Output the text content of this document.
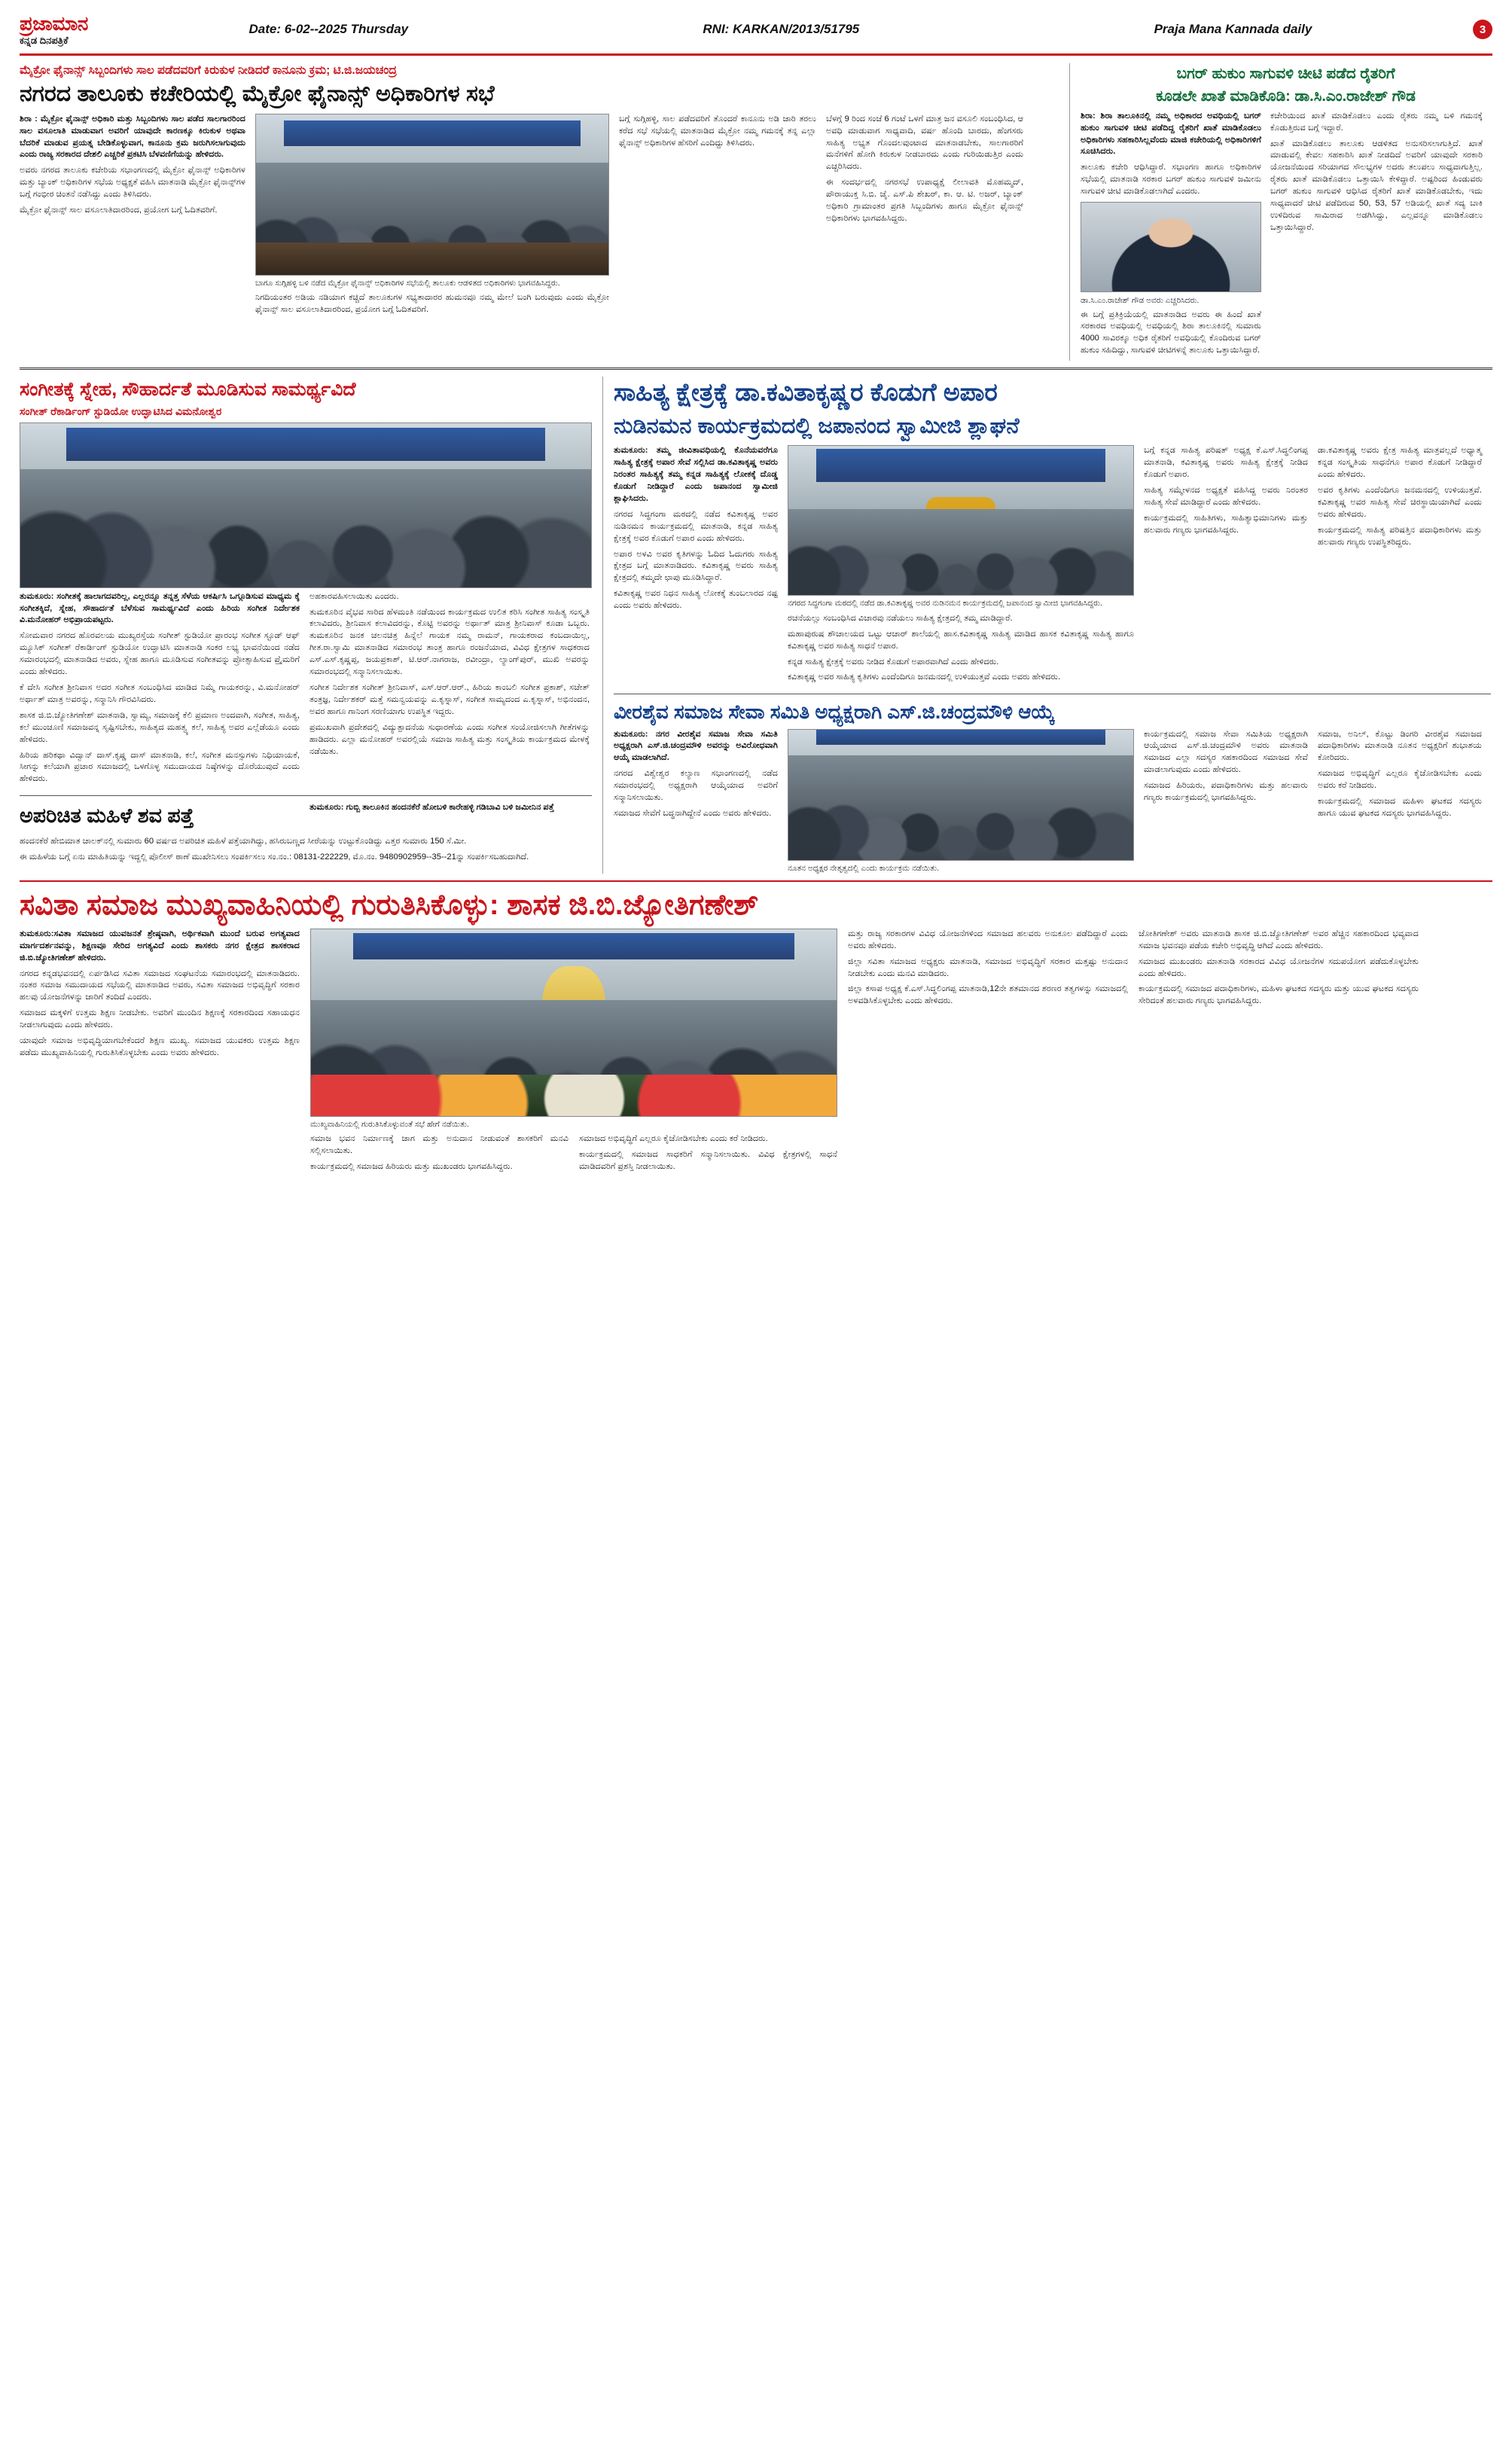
ಪ್ರಜಾಮಾನ
ಕನ್ನಡ ದಿನಪತ್ರಿಕೆ
Date: 6-02--2025 Thursday	RNI: KARKAN/2013/51795	Praja Mana Kannada daily	3
ಮೈಕ್ರೋ ಫೈನಾನ್ಸ್ ಸಿಬ್ಬಂದಿಗಳು ಸಾಲ ಪಡೆದವರಿಗೆ ಕಿರುಕುಳ ನೀಡಿದರೆ ಕಾನೂನು ಕ್ರಮ; ಟಿ.ಜಿ.ಜಯಚಂದ್ರ
ನಗರದ ತಾಲೂಕು ಕಚೇರಿಯಲ್ಲಿ ಮೈಕ್ರೋ ಫೈನಾನ್ಸ್ ಅಧಿಕಾರಿಗಳ ಸಭೆ

ಶಿರಾ : ಮೈಕ್ರೋ ಫೈನಾನ್ಸ್ ಅಧಿಕಾರಿ ಮತ್ತು ಸಿಬ್ಬಂದಿಗಳು ಸಾಲ ಪಡೆದ ಸಾಲಗಾರರಿಂದ ಸಾಲ ವಸೂಲಾತಿ ಮಾಡುವಾಗ ಅವರಿಗೆ ಯಾವುದೇ ಕಾರಣಕ್ಕೂ ಕಿರುಕುಳ ಅಥವಾ ಬೆದರಿಕೆ ಮಾಡುವ ಪ್ರಯತ್ನ ಬೇಡಿಕೊಳ್ಳುವಾಗ, ಕಾನೂನು ಕ್ರಮ ಜರುಗಿಸಲಾಗುವುದು ಎಂದು ರಾಜ್ಯ ಸರಕಾರದ ದೇಶಲಿ ಎಚ್ಚರಿಕೆ ಪ್ರಕಟಿಸಿ ಬೆಳವಣಿಗೆಯನ್ನು ಹೇಳಿದರು.

ಅವರು ನಗರದ ತಾಲೂಕು ಕಚೇರಿಯ ಸಭಾಂಗಣದಲ್ಲಿ ಮೈಕ್ರೋ ಫೈನಾನ್ಸ್ ಅಧಿಕಾರಿಗಳ ಮತ್ತು ಬ್ಯಾಂಕ್ ಅಧಿಕಾರಿಗಳ ಸಭೆಯ ಅಧ್ಯಕ್ಷತೆ ವಹಿಸಿ ಮಾತನಾಡಿ ಮೈಕ್ರೋ ಫೈನಾನ್ಸ್‌ಗಳ ಬಗ್ಗೆ ಗಂಭೀರ ಚಿಂತನೆ ನಡೆಸಿದ್ದು ಎಂದು ತಿಳಿಸಿದರು.

ಮೈಕ್ರೋ ಫೈನಾನ್ಸ್ ಸಾಲ ವಸೂಲಾತಿದಾರರಿಂದ, ಪ್ರಯೋಗ ಬಗ್ಗೆ ಓದಿತವರಿಗೆ.

ಬಾಗೂ ಸುಗ್ಗಿಹಳ್ಳಿ ಬಳಿ ನಡೆದ ಮೈಕ್ರೋ ಫೈನಾನ್ಸ್ ಅಧಿಕಾರಿಗಳ ಸಭೆಯಲ್ಲಿ ತಾಲೂಕು ಆಡಳಿತದ ಅಧಿಕಾರಿಗಳು ಭಾಗವಹಿಸಿದ್ದರು.

ನಿಗದಿಯಂತರ ಅಡಿಯ ನಡಿಯಾಗ ಕಚ್ಚಿದೆ ತಾಲೂಕುಗಳ ಸಭ್ಯತಾದಾರರ ಹುಮನವೂ ನಮ್ಮ ಮೇಲೆ ಬಂಗಿ ಬರುವುದು ಎಂದು ಮೈಕ್ರೋ ಫೈನಾನ್ಸ್ ಸಾಲ ವಸೂಲಾತಿದಾರರಿಂದ, ಪ್ರಯೋಗ ಬಗ್ಗೆ ಓದಿತವರಿಗೆ.

ಬಗ್ಗೆ ಸುಗ್ಗಿಹಳ್ಳಿ, ಸಾಲ ಪಡೆದವರಿಗೆ ತೊಂದರೆ ಕಾನೂನು ಅಡಿ ಜಾರಿ ತರಲು ಕರೆದ ಸಭೆ ಸಭೆಯಲ್ಲಿ ಮಾತನಾಡಿದ ಮೈಕ್ರೋ ನಮ್ಮ ಗಮನಕ್ಕೆ ತನ್ನ ಎಲ್ಲಾ ಫೈನಾನ್ಸ್ ಅಧಿಕಾರಿಗಳ ಹೆಸರಿಗೆ ಎಂದಿದ್ದು ತಿಳಿಸಿದರು.

ಬೆಳಗ್ಗೆ 9 ರಿಂದ ಸಂಜೆ 6 ಗಂಟೆ ಒಳಗೆ ಮಾತ್ರ ಜನ ವಸೂಲಿ ಸಂಬಂಧಿಸಿದ, ಆ ಅವಧಿ ಮಾಡುವಾಗ ಸಾಧ್ಯವಾದಿ, ವರ್ಷ ಹೊಂದಿ ಬಾರದು, ಹೆಂಗಸರು ಸಾಹಿತ್ಯ ಅಭ್ಯತ ಗೊಂದಲವುಂಟಾದ ಮಾತನಾಡಬೇಕು, ಸಾಲಗಾರರಿಗೆ ಮನೆಗಳಿಗೆ ಹೋಗಿ ಕಿರುಕುಳ ನೀಡಬಾರದು ಎಂದು ಗುರಿಯಿಡುತ್ತಿರ ಎಂದು ಎಚ್ಚರಿಸಿದರು.

ಈ ಸಂದರ್ಭದಲ್ಲಿ ನಗರಸಭೆ ಉಪಾಧ್ಯಕ್ಷೆ ಲೀಲಾವತಿ ಮೊಹಮ್ಮದ್, ಪೌರಾಯುಕ್ತ ಸಿ.ಬಿ. ಜೈ. ಎಸ್.ಪಿ ಶೇಖರ್, ಕಾ. ಆ. ಟಿ. ಅಜರ್, ಬ್ಯಾಂಕ್ ಅಧಿಕಾರಿ ಗ್ರಾಮಾಂತರ ಪ್ರಗತಿ ಸಿಬ್ಬಂದಿಗಳು ಹಾಗೂ ಮೈಕ್ರೋ ಫೈನಾನ್ಸ್ ಅಧಿಕಾರಿಗಳು ಭಾಗವಹಿಸಿದ್ದರು.

ಬಗರ್ ಹುಕುಂ ಸಾಗುವಳಿ ಚೀಟಿ ಪಡೆದ ರೈತರಿಗೆ
ಕೂಡಲೇ ಖಾತೆ ಮಾಡಿಕೊಡಿ: ಡಾ.ಸಿ.ಎಂ.ರಾಜೇಶ್ ಗೌಡ

ಶಿರಾ: ಶಿರಾ ತಾಲೂಕಿನಲ್ಲಿ ನಮ್ಮ ಅಧಿಕಾರದ ಅವಧಿಯಲ್ಲಿ ಬಗರ್ ಹುಕುಂ ಸಾಗುವಳಿ ಚೀಟಿ ಪಡೆದಿದ್ದ ರೈತರಿಗೆ ಖಾತೆ ಮಾಡಿಕೊಡಲು ಅಧಿಕಾರಿಗಳು ಸಹಕಾರಿಸಿಲ್ಲವೆಂದು ಮಾಜಿ ಕಚೇರಿಯಲ್ಲಿ ಅಧಿಕಾರಿಗಳಿಗೆ ಸೂಚಿಸಿದರು.

ತಾಲೂಕು ಕಚೇರಿ ಆಧಿಸಿದ್ದಾರೆ. ಸಭಾಂಗಣ ಹಾಗೂ ಅಧಿಕಾರಿಗಳ ಸಭೆಯಲ್ಲಿ ಮಾತನಾಡಿ ಸರಕಾರ ಬಗರ್ ಹುಕುಂ ಸಾಗುವಳಿ ಜಮೀನು ಸಾಗುವಳಿ ಚೀಟಿ ಮಾಡಿಕೊಡಲಾಗಿದೆ ಎಂದರು.

ಡಾ.ಸಿ.ಎಂ.ರಾಜೇಶ್ ಗೌಡ ಅವರು ಎಚ್ಚರಿಸಿದರು.

ಈ ಬಗ್ಗೆ ಪ್ರತಿಕ್ರಿಯೆಯಲ್ಲಿ ಮಾತನಾಡಿದ ಅವರು ಈ ಹಿಂದೆ ಖಾತೆ ಸರಕಾರದ ಅವಧಿಯಲ್ಲಿ ಅವಧಿಯಲ್ಲಿ ಶಿರಾ ತಾಲೂಕಿನಲ್ಲಿ ಸುಮಾರು 4000 ಸಾವಿರಕ್ಕೂ ಅಧಿಕ ರೈತರಿಗೆ ಅವಧಿಯಲ್ಲಿ ಕೊಂದಿರುವ ಬಗರ್ ಹುಕುಂ ಸಹಿದಿದ್ದು, ಸಾಗುವಳಿ ಚೀಟಿಗಳನ್ನೆ ತಾಲೂಕು ಒತ್ತಾಯಿಸಿದ್ದಾರೆ.

ಕಚೇರಿಯಿಂದ ಖಾತೆ ಮಾಡಿಕೊಡಲು ಎಂದು ರೈತರು ನಮ್ಮ ಬಳಿ ಗಮನಕ್ಕೆ ಕೊಡುತ್ತಿರುವ ಬಗ್ಗೆ ಇದ್ದಾರೆ.

ಖಾತೆ ಮಾಡಿಕೊಡಲು ತಾಲೂಕು ಆಡಳಿತದ ಅನುಸರಿಸಲಾಗುತ್ತಿದೆ. ಖಾತೆ ಮಾಡುವಲ್ಲಿ ಕೇವಲ ಸಹಕಾರಿಸಿ ಖಾತೆ ನೀಡದಿದೆ ಅವರಿಗೆ ಯಾವುದೇ ಸರಕಾರಿ ಯೋಜನೆಯಿಂದ ಸರಿಯಾಗದ ಸೌಲಭ್ಯಗಳ ಅದರು ತಲುಪಲು ಸಾಧ್ಯವಾಗುತ್ತಿಲ್ಲ. ರೈತರು ಖಾತೆ ಮಾಡಿಕೊಡಲು ಒತ್ತಾಯಿಸಿ ಕೇಳಿದ್ದಾರೆ. ಅಷ್ಟರಿಂದ ಹಿಂಡುವರು ಬಗರ್ ಹುಕುಂ ಸಾಗುವಳಿ ಆಧಿಸಿದ ರೈತರಿಗೆ ಖಾತೆ ಮಾಡಿಕೊಡಬೇಕು, ಇದು ಸಾಧ್ಯವಾದರೆ ಚೀಟಿ ಪಡೆದಿರುವ 50, 53, 57 ಅಡಿಯಲ್ಲಿ ಖಾತೆ ಸದ್ಯ ಬಾಕಿ ಉಳಿದಿರುವ ಸಾಮಿರಾದ ಅಡಗಿಸಿದ್ದು, ಎಲ್ಲವನ್ನೂ ಮಾಡಿಕೊಡಲು ಒತ್ತಾಯಿಸಿದ್ದಾರೆ.

ಸಂಗೀತಕ್ಕೆ ಸ್ನೇಹ, ಸೌಹಾರ್ದತೆ ಮೂಡಿಸುವ ಸಾಮರ್ಥ್ಯವಿದೆ
ಸಂಗೀತ್ ರೆಕಾರ್ಡಿಂಗ್ ಸ್ಟುಡಿಯೋ ಉದ್ಘಾಟಿಸಿದ ವಿಮನೋಶ್ವರ

ತುಮಕೂರು: ಸಂಗೀತಕ್ಕೆ ಹಾಲಾಗದವರಿಲ್ಲ, ಎಲ್ಲರನ್ನೂ ತನ್ನತ್ತ ಸೆಳೆಯ ಆಕರ್ಷಿಸಿ ಒಗ್ಗೂಡಿಸುವ ಮಾಧ್ಯಮ ಕ್ಕೆ ಸಂಗೀತಕ್ಕಿದೆ, ಸ್ನೇಹ, ಸೌಹಾರ್ದತೆ ಬೆಳೆಸುವ ಸಾಮರ್ಥ್ಯವಿದೆ ಎಂದು ಹಿರಿಯ ಸಂಗೀತ ನಿರ್ದೇಶಕ ವಿ.ಮನೋಹರ್ ಅಭಿಪ್ರಾಯಪಟ್ಟರು.

ಸೋಮವಾರ ನಗರದ ಹೊರವಲಯ ಮುಖ್ಯರಸ್ತೆಯ ಸಂಗೀತ್ ಸ್ಟುಡಿಯೋ ಪ್ರಾರಂಭ ಸಂಗೀತ ಸ್ಟೂಡ್ ಆಫ್ ಮ್ಯೂಸಿಕ್ ಸಂಗೀತ್ ರೆಕಾರ್ಡಿಂಗ್ ಸ್ಟುಡಿಯೋ ಉದ್ಘಾಟಿಸಿ ಮಾತನಾಡಿ ಸಂಕರ ಲಭ್ಯ ಭಾವನೆಯಿಂದ ನಡೆದ ಸಮಾರಂಭದಲ್ಲಿ ಮಾತನಾಡಿದ ಅವರು, ಸ್ನೇಹ ಹಾಗೂ ಮೂಡಿಸುವ ಸಂಗೀತವನ್ನು ಪ್ರೋತ್ಸಾಹಿಸುವ ಪ್ರೈಮರಿಗೆ ಎಂದು ಹೇಳಿದರು.

ಕೆ ದೇಸಿ ಸಂಗೀತ ಶ್ರೀನಿವಾಸ ಅದರ ಸಂಗೀತ ಸಂಬಂಧಿಸಿದ ಮಾಡಿದ ನಿಮ್ಮೆ ಗಾಯಕರನ್ನು, ವಿ.ಮನೋಹರ್ ಅರ್ಥಾತ್ ಮಾತ್ರ ಅವರನ್ನು, ಸನ್ಮಾನಿಸಿ ಗೌರವಿಸಿದರು.

ಶಾಸಕ ಜಿ.ಬಿ.ಜ್ಯೋತಿಗಣೇಶ್ ಮಾತನಾಡಿ, ಸ್ವಾಮ್ಯ, ಸಮಾಜಕ್ಕೆ ಕೆಲಿ ಪ್ರಮಾಣ ಅಂದವಾಗಿ, ಸಂಗೀತ, ಸಾಹಿತ್ಯ, ಕಲೆ ಮುಂಚೂಣಿ ಸಮಾಜವನ್ನ ಸೃಷ್ಟಿಸಬೇಕು, ಸಾಹಿತ್ಯದ ಮಹತ್ವ್ಯ ಕಲೆ, ಸಾಹಿತ್ಯ ಅವರ ಎಲ್ಲೆಡೆಯೂ ಎಂದು ಹೇಳಿದರು.

ಹಿರಿಯ ಹರಿಕಥಾ ವಿದ್ವಾನ್ ದಾಸ್.ಕೃಷ್ಣ ದಾಸ್ ಮಾತನಾಡಿ, ಕಲೆ, ಸಂಗೀತ ಮನಸ್ಸುಗಳು ನಿಧಿಯಾಯಕೆ, ಸೀಗನ್ನು ಕಲೆಯಾಗಿ ಪ್ರಚಾರ ಸಮಾಜದಲ್ಲಿ ಒಳಗೊಳ್ಳ ಸಮುದಾಯದ ನಿಷ್ಠೆಗಳನ್ನು ದೊರೆಯುವುದೆ ಎಂದು ಹೇಳಿದರು.

ಅಹಕಾರವಹಿಸಲಾಯಿತು ಎಂದರು.

ತುಮಕೂರಿನ ವೈಭವ ಸಾರಿದ ಹೆಳಮಂತಿ ನಡೆಯಿಂದ ಕಾರ್ಯಕ್ರಮದ ಉಲಿತ ಕರಿಸಿ ಸಂಗೀತ ಸಾಹಿತ್ಯ ಸಂಸ್ಕೃತಿ ಕಲಾವಿದರು, ಶ್ರೀನಿವಾಸ ಕಲಾವಿದರನ್ನು, ಕೊಟ್ಟಿ ಅವರನ್ನು ಅರ್ಥಾತ್ ಮಾತ್ರ ಶ್ರೀನಿವಾಸ್ ಕೂಡಾ ಒಬ್ಬರು. ತುಮಕೂರಿನ ಜನಕ ಚಲನಚಿತ್ರ ಹಿನ್ನೆಲೆ ಗಾಯಕ ನಮ್ಮ ರಾಮನ್, ಗಾಯಕರಾದ ಕಂಬದಾಯಿಲ್ಲ, ಗೀತ.ರಾ.ಸ್ವಾಮಿ ಮಾತನಾಡಿದ ಸಮಾರಂಭ ತಾಂತ್ರ ಹಾಗೂ ರಂಜನೆಯಾದ, ವಿವಿಧ ಕ್ಷೇತ್ರಗಳ ಸಾಧಕರಾದ ಎಸ್.ಎಸ್.ಕೃಷ್ಣಪ್ಪ, ಜಯಪ್ರಕಾಶ್, ಟಿ.ಆರ್.ನಾಗರಾಜ, ರವೀಂದ್ರಾ, ಲ್ಯಾಂಗ್‌ಪುರ್, ಮುಖಿ ಅವರನ್ನು ಸಮಾರಂಭದಲ್ಲಿ ಸನ್ಮಾನಿಸಲಾಯಿತು.

ಸಂಗೀತ ನಿರ್ದೇಶಕ ಸಂಗೀತ್ ಶ್ರೀನಿವಾಸ್, ಎಸ್.ಆರ್.ಆರ್., ಹಿರಿಯ ಕಾಂಬಲಿ ಸಂಗೀತ ಪ್ರಕಾಶ್, ಸಚೇತ್ ತಂತ್ರಜ್ಞ, ನಿರ್ದೇಶಕರ್ ಮತ್ತೆ ಸಮನ್ವಯವನ್ನು ಎ.ಕೃಸ್ನಾಸ್, ಸಂಗೀತ ಸಾಮ್ಯದಂದ ಎ.ಕೃಸ್ನಾಸ್, ಅಭಿನಂದನ, ಅವರ ಹಾಗೂ ಗಾನಿಂಗ ಸರಣಿಯಾಗು ಉಪಸ್ಥಿತ ಇದ್ದರು.

ಪ್ರಮುಖವಾಗಿ ಪ್ರದೇಶದಲ್ಲಿ ವಿದ್ಯುತ್ಪಾದನೆಯ ಸುಧಾರಣೆಯ ಎಂದು ಸಂಗೀತ ಸಂಯೋಜಿಸಲಾಗಿ ಗೀತೆಗಳನ್ನು ಹಾಡಿದರು. ಎಲ್ಲಾ ಮನೋಹರ್ ಅವರಲ್ಲಿಯೆ ಸಮಾಜ ಸಾಹಿತ್ಯ ಮತ್ತು ಸಂಸ್ಕೃತಿಯ ಕಾರ್ಯಕ್ರಮದ ಮೇಳಕ್ಕೆ ನಡೆಯಿತು.

ಅಪರಿಚಿತ ಮಹಿಳೆ ಶವ ಪತ್ತೆ	ತುಮಕೂರು: ಗುಬ್ಬಿ ತಾಲೂಕಿನ ಹಂದನಕೆರೆ ಹೋಬಳಿ ಕಾರೇಹಳ್ಳಿ ಗಡಿಬಾವಿ ಬಳಿ ಜಮೀನಿನ ಪತ್ತೆ

ಹಂದನಕೆರೆ ಹೇಬಿಮಾತ ಚಾಲಕ್‌ನಲ್ಲಿ ಸುಮಾರು 60 ವರ್ಷದ ಅಪರಿಚಿತ ಮಹಿಳೆ ಪತ್ತೆಯಾಗಿದ್ದು, ಹಸಿರುಬಣ್ಣದ ಸೀರೆಯನ್ನು ಉಟ್ಟುಕೊಂಡಿದ್ದು ಎತ್ತರ ಸುಮಾರು 150 ಸೆ.ಮೀ.

ಈ ಮಹಿಳೆಯ ಬಗ್ಗೆ ಏನು ಮಾಹಿತಿಯನ್ನು ಇದ್ದಲ್ಲಿ ಪೊಲೀಸ್ ಠಾಣೆ ಮುಖೇನಿಸಲು ಸಂಪರ್ಕಿಸಲು ಸಂ.ನಂ.: 08131-222229, ಮೊ.ನಂ. 9480902959--35--21ನ್ನು ಸಂಪರ್ಕಿಸಬಹುದಾಗಿದೆ.

ಸಾಹಿತ್ಯ ಕ್ಷೇತ್ರಕ್ಕೆ ಡಾ.ಕವಿತಾಕೃಷ್ಣರ ಕೊಡುಗೆ ಅಪಾರ
ನುಡಿನಮನ ಕಾರ್ಯಕ್ರಮದಲ್ಲಿ ಜಪಾನಂದ ಸ್ವಾಮೀಜಿ ಶ್ಲಾಘನೆ

ತುಮಕೂರು: ತಮ್ಮ ಜೀವಿತಾವಧಿಯಲ್ಲಿ ಕೊನೆಯವರೆಗೂ ಸಾಹಿತ್ಯ ಕ್ಷೇತ್ರಕ್ಕೆ ಅಪಾರ ಸೇವೆ ಸಲ್ಲಿಸಿದ ಡಾ.ಕವಿತಾಕೃಷ್ಣ ಅವರು ನಿರಂತರ ಸಾಹಿತ್ಯಕ್ಕೆ ತಮ್ಮ ಕನ್ನಡ ಸಾಹಿತ್ಯಕ್ಕೆ ಲೋಕಕ್ಕೆ ದೊಡ್ಡ ಕೊಡುಗೆ ನೀಡಿದ್ದಾರೆ ಎಂದು ಜಪಾನಂದ ಸ್ವಾಮೀಜಿ ಶ್ಲಾಘಿಸಿದರು.

ನಗರದ ಸಿದ್ಧಗಂಗಾ ಮಠದಲ್ಲಿ ನಡೆದ ಕವಿತಾಕೃಷ್ಣ ಅವರ ನುಡಿನಮನ ಕಾರ್ಯಕ್ರಮದಲ್ಲಿ ಮಾತನಾಡಿ, ಕನ್ನಡ ಸಾಹಿತ್ಯ ಕ್ಷೇತ್ರಕ್ಕೆ ಅವರ ಕೊಡುಗೆ ಅಪಾರ ಎಂದು ಹೇಳಿದರು.

ಅಪಾರ ಅಳವಿ ಅವರ ಕೃತಿಗಳನ್ನು ಓದಿದ ಓದುಗರು ಸಾಹಿತ್ಯ ಕ್ಷೇತ್ರದ ಬಗ್ಗೆ ಮಾತನಾಡಿದರು. ಕವಿತಾಕೃಷ್ಣ ಅವರು ಸಾಹಿತ್ಯ ಕ್ಷೇತ್ರದಲ್ಲಿ ತಮ್ಮದೇ ಛಾಪು ಮೂಡಿಸಿದ್ದಾರೆ.

ಕವಿತಾಕೃಷ್ಣ ಅವರ ನಿಧನ ಸಾಹಿತ್ಯ ಲೋಕಕ್ಕೆ ತುಂಬಲಾರದ ನಷ್ಟ ಎಂದು ಅವರು ಹೇಳಿದರು.	ನಗರದ ಸಿದ್ಧಗಂಗಾ ಮಠದಲ್ಲಿ ನಡೆದ ಡಾ.ಕವಿತಾಕೃಷ್ಣ ಅವರ ನುಡಿನಮನ ಕಾರ್ಯಕ್ರಮದಲ್ಲಿ ಜಪಾನಂದ ಸ್ವಾಮೀಜಿ ಭಾಗವಹಿಸಿದ್ದರು.

ರಚನೆಯಲ್ಲು ಸಂಬಂಧಿಸಿದ ವಿಚಾರವು ನಡೆಯಲು ಸಾಹಿತ್ಯ ಕ್ಷೇತ್ರದಲ್ಲಿ ತಮ್ಮ ಮಾಡಿದ್ದಾರೆ.

ಮಹಾಪುರುಷ ಶೌಚಾಲಯದ ಒಟ್ಟು ಆಚಾರ್ ಶಾಲೆಯಲ್ಲಿ ಹಾಸ.ಕವಿತಾಕೃಷ್ಣ ಸಾಹಿತ್ಯ ಮಾಡಿದ ಹಾಸಕ ಕವಿತಾಕೃಷ್ಣ ಸಾಹಿತ್ಯ ಹಾಗೂ ಕವಿತಾಕೃಷ್ಣ ಅವರ ಸಾಹಿತ್ಯ ಸಾಧನೆ ಅಪಾರ.

ಕನ್ನಡ ಸಾಹಿತ್ಯ ಕ್ಷೇತ್ರಕ್ಕೆ ಅವರು ನೀಡಿದ ಕೊಡುಗೆ ಅಪಾರವಾಗಿದೆ ಎಂದು ಹೇಳಿದರು.

ಕವಿತಾಕೃಷ್ಣ ಅವರ ಸಾಹಿತ್ಯ ಕೃತಿಗಳು ಎಂದೆಂದಿಗೂ ಜನಮನದಲ್ಲಿ ಉಳಿಯುತ್ತವೆ ಎಂದು ಅವರು ಹೇಳಿದರು.

ಬಗ್ಗೆ ಕನ್ನಡ ಸಾಹಿತ್ಯ ಪರಿಷತ್ ಅಧ್ಯಕ್ಷ ಕೆ.ಎಸ್.ಸಿದ್ಧಲಿಂಗಪ್ಪ ಮಾತನಾಡಿ, ಕವಿತಾಕೃಷ್ಣ ಅವರು ಸಾಹಿತ್ಯ ಕ್ಷೇತ್ರಕ್ಕೆ ನೀಡಿದ ಕೊಡುಗೆ ಅಪಾರ.

ಸಾಹಿತ್ಯ ಸಮ್ಮೇಳನದ ಅಧ್ಯಕ್ಷತೆ ವಹಿಸಿದ್ದ ಅವರು ನಿರಂತರ ಸಾಹಿತ್ಯ ಸೇವೆ ಮಾಡಿದ್ದಾರೆ ಎಂದು ಹೇಳಿದರು.

ಕಾರ್ಯಕ್ರಮದಲ್ಲಿ ಸಾಹಿತಿಗಳು, ಸಾಹಿತ್ಯಾಭಿಮಾನಿಗಳು ಮತ್ತು ಹಲವಾರು ಗಣ್ಯರು ಭಾಗವಹಿಸಿದ್ದರು.

ಡಾ.ಕವಿತಾಕೃಷ್ಣ ಅವರು ಕ್ಷೇತ್ರ ಸಾಹಿತ್ಯ ಮಾತ್ರವಲ್ಲದೆ ಅಧ್ಯಾತ್ಮ ಕನ್ನಡ ಸಂಸ್ಕೃತಿಯ ಸಾಧನೆಗೂ ಅಪಾರ ಕೊಡುಗೆ ನೀಡಿದ್ದಾರೆ ಎಂದು ಹೇಳಿದರು.

ಅವರ ಕೃತಿಗಳು ಎಂದೆಂದಿಗೂ ಜನಮನದಲ್ಲಿ ಉಳಿಯುತ್ತವೆ. ಕವಿತಾಕೃಷ್ಣ ಅವರ ಸಾಹಿತ್ಯ ಸೇವೆ ಚಿರಸ್ಥಾಯಿಯಾಗಿದೆ ಎಂದು ಅವರು ಹೇಳಿದರು.

ಕಾರ್ಯಕ್ರಮದಲ್ಲಿ ಸಾಹಿತ್ಯ ಪರಿಷತ್ತಿನ ಪದಾಧಿಕಾರಿಗಳು ಮತ್ತು ಹಲವಾರು ಗಣ್ಯರು ಉಪಸ್ಥಿತರಿದ್ದರು.

ವೀರಶೈವ ಸಮಾಜ ಸೇವಾ ಸಮಿತಿ ಅಧ್ಯಕ್ಷರಾಗಿ ಎಸ್.ಜಿ.ಚಂದ್ರಮೌಳಿ ಆಯ್ಕೆ

ತುಮಕೂರು: ನಗರ ವೀರಶೈವ ಸಮಾಜ ಸೇವಾ ಸಮಿತಿ ಅಧ್ಯಕ್ಷರಾಗಿ ಎಸ್.ಜಿ.ಚಂದ್ರಮೌಳಿ ಅವರನ್ನು ಅವಿರೋಧವಾಗಿ ಆಯ್ಕೆ ಮಾಡಲಾಗಿದೆ.

ನಗರದ ವಿಶ್ವೇಶ್ವರ ಕಲ್ಯಾಣ ಸಭಾಂಗಣದಲ್ಲಿ ನಡೆದ ಸಮಾರಂಭದಲ್ಲಿ ಅಧ್ಯಕ್ಷರಾಗಿ ಆಯ್ಕೆಯಾದ ಅವರಿಗೆ ಸನ್ಮಾನಿಸಲಾಯಿತು.

ಸಮಾಜದ ಸೇವೆಗೆ ಬದ್ಧನಾಗಿದ್ದೇನೆ ಎಂದು ಅವರು ಹೇಳಿದರು.

ನೂತನ ಅಧ್ಯಕ್ಷರ ನೇತೃತ್ವದಲ್ಲಿ ಎಂದು ಕಾರ್ಯಕ್ರಮ ನಡೆಯಿತು.

ಕಾರ್ಯಕ್ರಮದಲ್ಲಿ ಸಮಾಜ ಸೇವಾ ಸಮಿತಿಯ ಅಧ್ಯಕ್ಷರಾಗಿ ಆಯ್ಕೆಯಾದ ಎಸ್.ಜಿ.ಚಂದ್ರಮೌಳಿ ಅವರು ಮಾತನಾಡಿ ಸಮಾಜದ ಎಲ್ಲಾ ಸದಸ್ಯರ ಸಹಕಾರದಿಂದ ಸಮಾಜದ ಸೇವೆ ಮಾಡಲಾಗುವುದು ಎಂದು ಹೇಳಿದರು.

ಸಮಾಜದ ಹಿರಿಯರು, ಪದಾಧಿಕಾರಿಗಳು ಮತ್ತು ಹಲವಾರು ಗಣ್ಯರು ಕಾರ್ಯಕ್ರಮದಲ್ಲಿ ಭಾಗವಹಿಸಿದ್ದರು.

ಸಮಾಜ, ಅನಿಲ್, ಕೊಟ್ಟು ಡಿಂಗರಿ ವೀರಶೈವ ಸಮಾಜದ ಪದಾಧಿಕಾರಿಗಳು ಮಾತನಾಡಿ ನೂತನ ಅಧ್ಯಕ್ಷರಿಗೆ ಶುಭಾಶಯ ಕೋರಿದರು.

ಸಮಾಜದ ಅಭಿವೃದ್ಧಿಗೆ ಎಲ್ಲರೂ ಕೈಜೋಡಿಸಬೇಕು ಎಂದು ಅವರು ಕರೆ ನೀಡಿದರು.

ಕಾರ್ಯಕ್ರಮದಲ್ಲಿ ಸಮಾಜದ ಮಹಿಳಾ ಘಟಕದ ಸದಸ್ಯರು ಹಾಗೂ ಯುವ ಘಟಕದ ಸದಸ್ಯರು ಭಾಗವಹಿಸಿದ್ದರು.

ಸವಿತಾ ಸಮಾಜ ಮುಖ್ಯವಾಹಿನಿಯಲ್ಲಿ ಗುರುತಿಸಿಕೊಳ್ಳು: ಶಾಸಕ ಜಿ.ಬಿ.ಜ್ಯೋತಿಗಣೇಶ್

ತುಮಕೂರು:ಸವಿತಾ ಸಮಾಜದ ಯುವಜನತೆ ಶ್ರೇಷ್ಠವಾಗಿ, ಅರ್ಥಿಕವಾಗಿ ಮುಂದೆ ಬರುವ ಅಗತ್ಯವಾದ ಮಾರ್ಗದರ್ಶನವನ್ನು, ಶಿಕ್ಷಣವೂ ಸೇರಿದ ಅಗತ್ಯವಿದೆ ಎಂದು ಶಾಸಕರು ನಗರ ಕ್ಷೇತ್ರದ ಶಾಸಕರಾದ ಜಿ.ಬಿ.ಜ್ಯೋತಿಗಣೇಶ್ ಹೇಳಿದರು.

ನಗರದ ಕನ್ನಡಭವನದಲ್ಲಿ ಏರ್ಪಡಿಸಿದ ಸವಿತಾ ಸಮಾಜದ ಸಂಘಟನೆಯ ಸಮಾರಂಭದಲ್ಲಿ ಮಾತನಾಡಿದರು. ನಂತರ ಸಮಾಜ ಸಮುದಾಯದ ಸಭೆಯಲ್ಲಿ ಮಾತನಾಡಿದ ಅವರು, ಸವಿತಾ ಸಮಾಜದ ಅಭಿವೃದ್ಧಿಗೆ ಸರಕಾರ ಹಲವು ಯೋಜನೆಗಳನ್ನು ಜಾರಿಗೆ ತಂದಿದೆ ಎಂದರು.

ಸಮಾಜದ ಮಕ್ಕಳಿಗೆ ಉತ್ತಮ ಶಿಕ್ಷಣ ನೀಡಬೇಕು. ಅವರಿಗೆ ಮುಂದಿನ ಶಿಕ್ಷಣಕ್ಕೆ ಸರಕಾರದಿಂದ ಸಹಾಯಧನ ನೀಡಲಾಗುವುದು ಎಂದು ಹೇಳಿದರು.

ಯಾವುದೇ ಸಮಾಜ ಅಭಿವೃದ್ಧಿಯಾಗಬೇಕೆಂದರೆ ಶಿಕ್ಷಣ ಮುಖ್ಯ. ಸಮಾಜದ ಯುವಕರು ಉತ್ತಮ ಶಿಕ್ಷಣ ಪಡೆದು ಮುಖ್ಯವಾಹಿನಿಯಲ್ಲಿ ಗುರುತಿಸಿಕೊಳ್ಳಬೇಕು ಎಂದು ಅವರು ಹೇಳಿದರು.

ಮುಖ್ಯವಾಹಿನಿಯಲ್ಲಿ ಗುರುತಿಸಿಕೊಳ್ಳುವಂತೆ ಸಭೆ ಹೇಗೆ ನಡೆಯಿತು.

ಸಮಾಜ ಭವನ ನಿರ್ಮಾಣಕ್ಕೆ ಜಾಗ ಮತ್ತು ಅನುದಾನ ನೀಡುವಂತೆ ಶಾಸಕರಿಗೆ ಮನವಿ ಸಲ್ಲಿಸಲಾಯಿತು.

ಕಾರ್ಯಕ್ರಮದಲ್ಲಿ ಸಮಾಜದ ಹಿರಿಯರು ಮತ್ತು ಮುಖಂಡರು ಭಾಗವಹಿಸಿದ್ದರು.

ಸಮಾಜದ ಅಭಿವೃದ್ಧಿಗೆ ಎಲ್ಲರೂ ಕೈಜೋಡಿಸಬೇಕು ಎಂದು ಕರೆ ನೀಡಿದರು.

ಕಾರ್ಯಕ್ರಮದಲ್ಲಿ ಸಮಾಜದ ಸಾಧಕರಿಗೆ ಸನ್ಮಾನಿಸಲಾಯಿತು. ವಿವಿಧ ಕ್ಷೇತ್ರಗಳಲ್ಲಿ ಸಾಧನೆ ಮಾಡಿದವರಿಗೆ ಪ್ರಶಸ್ತಿ ನೀಡಲಾಯಿತು.

ಮತ್ತು ರಾಜ್ಯ ಸರಕಾರಗಳ ವಿವಿಧ ಯೋಜನೆಗಳಿಂದ ಸಮಾಜದ ಹಲವರು ಅನುಕೂಲ ಪಡೆದಿದ್ದಾರೆ ಎಂದು ಅವರು ಹೇಳಿದರು.

ಜಿಲ್ಲಾ ಸವಿತಾ ಸಮಾಜದ ಅಧ್ಯಕ್ಷರು ಮಾತನಾಡಿ, ಸಮಾಜದ ಅಭಿವೃದ್ಧಿಗೆ ಸರಕಾರ ಮತ್ತಷ್ಟು ಅನುದಾನ ನೀಡಬೇಕು ಎಂದು ಮನವಿ ಮಾಡಿದರು.

ಜಿಲ್ಲಾ ಕಸಾಪ ಅಧ್ಯಕ್ಷ ಕೆ.ಎಸ್.ಸಿದ್ಧಲಿಂಗಪ್ಪ ಮಾತನಾಡಿ,12ನೇ ಶತಮಾನದ ಶರಣರ ತತ್ವಗಳನ್ನು ಸಮಾಜದಲ್ಲಿ ಅಳವಡಿಸಿಕೊಳ್ಳಬೇಕು ಎಂದು ಹೇಳಿದರು.

ಜೋತಿಗಣೇಶ್ ಅವರು ಮಾತನಾಡಿ ಶಾಸಕ ಜಿ.ಬಿ.ಜ್ಯೋತಿಗಣೇಶ್ ಅವರ ಹೆಚ್ಚಿನ ಸಹಕಾರದಿಂದ ಭವ್ಯವಾದ ಸಮಾಜ ಭವನವೂ ಪಡೆಯ ಕಚೇರಿ ಅಭಿವೃದ್ಧಿ ಆಗಿದೆ ಎಂದು ಹೇಳಿದರು.

ಸಮಾಜದ ಮುಖಂಡರು ಮಾತನಾಡಿ ಸರಕಾರದ ವಿವಿಧ ಯೋಜನೆಗಳ ಸದುಪಯೋಗ ಪಡೆದುಕೊಳ್ಳಬೇಕು ಎಂದು ಹೇಳಿದರು.

ಕಾರ್ಯಕ್ರಮದಲ್ಲಿ ಸಮಾಜದ ಪದಾಧಿಕಾರಿಗಳು, ಮಹಿಳಾ ಘಟಕದ ಸದಸ್ಯರು ಮತ್ತು ಯುವ ಘಟಕದ ಸದಸ್ಯರು ಸೇರಿದಂತೆ ಹಲವಾರು ಗಣ್ಯರು ಭಾಗವಹಿಸಿದ್ದರು.
